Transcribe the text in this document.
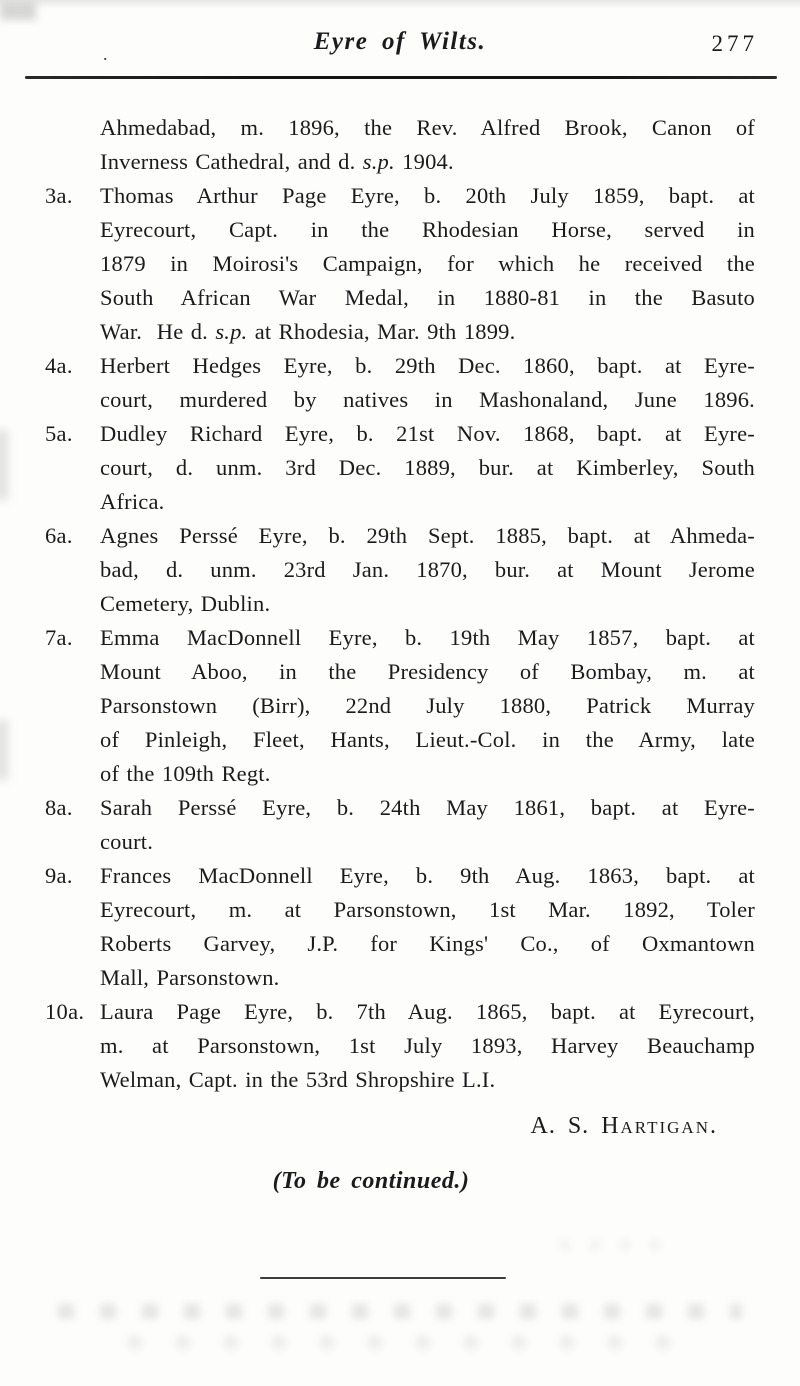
.	Eyre of Wilts.	277
Ahmedabad, m. 1896, the Rev. Alfred Brook, Canon of
Inverness Cathedral, and d. s.p. 1904.
3a.	Thomas Arthur Page Eyre, b. 20th July 1859, bapt. at
Eyrecourt, Capt. in the Rhodesian Horse, served in
1879 in Moirosi's Campaign, for which he received the
South African War Medal, in 1880-81 in the Basuto
War.  He d. s.p. at Rhodesia, Mar. 9th 1899.
4a.	Herbert Hedges Eyre, b. 29th Dec. 1860, bapt. at Eyre-
court, murdered by natives in Mashonaland, June 1896.
5a.	Dudley Richard Eyre, b. 21st Nov. 1868, bapt. at Eyre-
court, d. unm. 3rd Dec. 1889, bur. at Kimberley, South
Africa.
6a.	Agnes Perssé Eyre, b. 29th Sept. 1885, bapt. at Ahmeda-
bad, d. unm. 23rd Jan. 1870, bur. at Mount Jerome
Cemetery, Dublin.
7a.	Emma MacDonnell Eyre, b. 19th May 1857, bapt. at
Mount Aboo, in the Presidency of Bombay, m. at
Parsonstown (Birr), 22nd July 1880, Patrick Murray
of Pinleigh, Fleet, Hants, Lieut.-Col. in the Army, late
of the 109th Regt.
8a.	Sarah Perssé Eyre, b. 24th May 1861, bapt. at Eyre-
court.
9a.	Frances MacDonnell Eyre, b. 9th Aug. 1863, bapt. at
Eyrecourt, m. at Parsonstown, 1st Mar. 1892, Toler
Roberts Garvey, J.P. for Kings' Co., of Oxmantown
Mall, Parsonstown.
10a. Laura Page Eyre, b. 7th Aug. 1865, bapt. at Eyrecourt,
m. at Parsonstown, 1st July 1893, Harvey Beauchamp
Welman, Capt. in the 53rd Shropshire L.I.
A. S. Hartigan.
(To be continued.)
